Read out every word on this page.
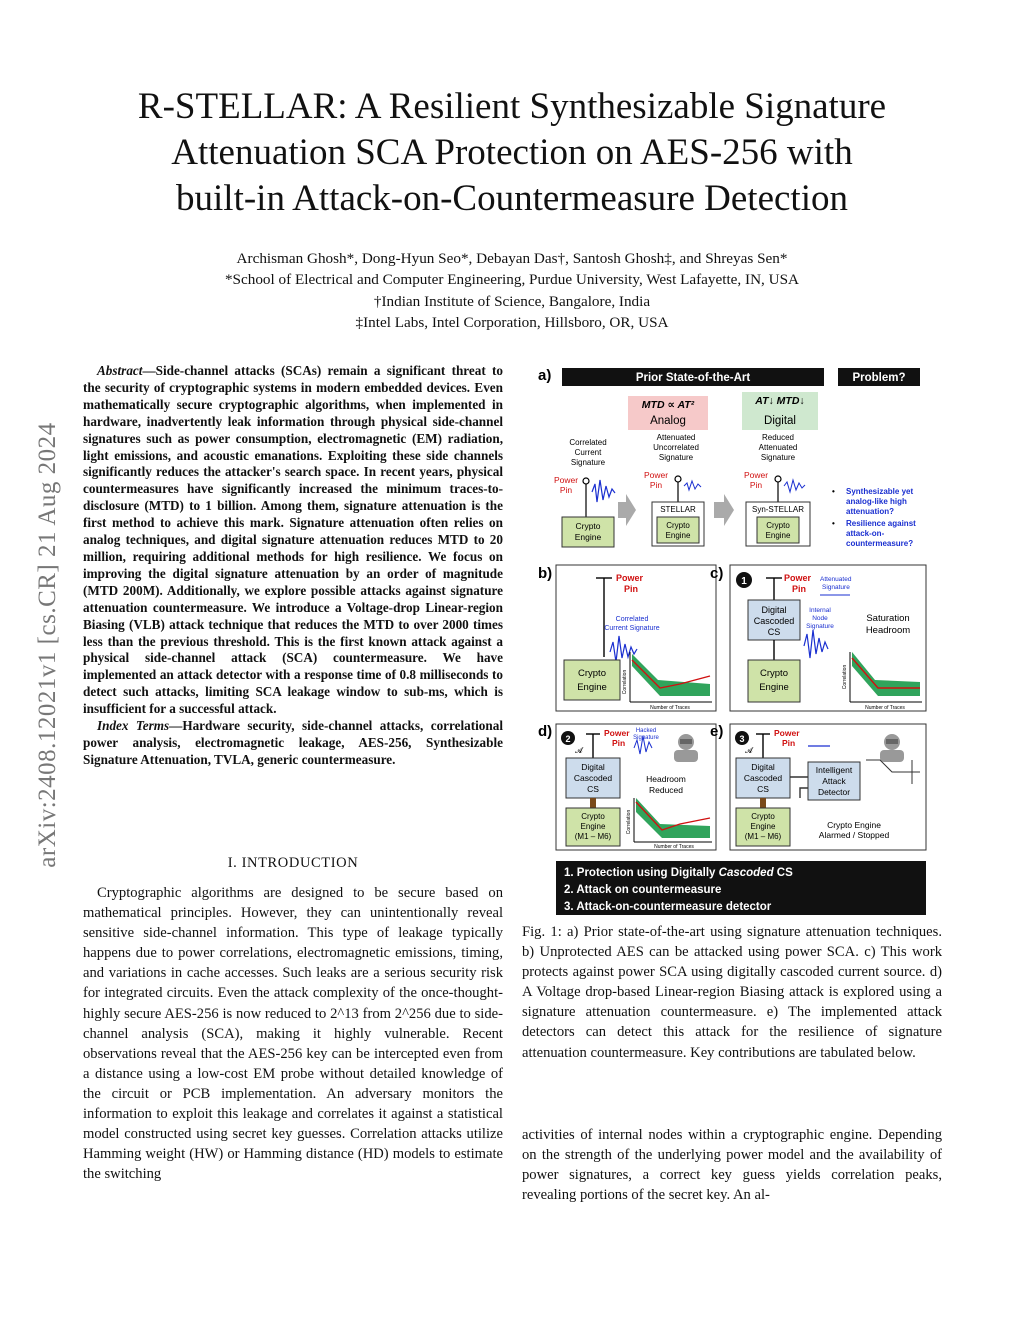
R-STELLAR: A Resilient Synthesizable Signature
Attenuation SCA Protection on AES-256 with
built-in Attack-on-Countermeasure Detection
Archisman Ghosh*, Dong-Hyun Seo*, Debayan Das†, Santosh Ghosh‡, and Shreyas Sen*
*School of Electrical and Computer Engineering, Purdue University, West Lafayette, IN, USA
†Indian Institute of Science, Bangalore, India
‡Intel Labs, Intel Corporation, Hillsboro, OR, USA
arXiv:2408.12021v1 [cs.CR] 21 Aug 2024

Abstract—Side-channel attacks (SCAs) remain a significant threat to the security of cryptographic systems in modern embedded devices. Even mathematically secure cryptographic algorithms, when implemented in hardware, inadvertently leak information through physical side-channel signatures such as power consumption, electromagnetic (EM) radiation, light emissions, and acoustic emanations. Exploiting these side channels significantly reduces the attacker's search space. In recent years, physical countermeasures have significantly increased the minimum traces-to-disclosure (MTD) to 1 billion. Among them, signature attenuation is the first method to achieve this mark. Signature attenuation often relies on analog techniques, and digital signature attenuation reduces MTD to 20 million, requiring additional methods for high resilience. We focus on improving the digital signature attenuation by an order of magnitude (MTD 200M). Additionally, we explore possible attacks against signature attenuation countermeasure. We introduce a Voltage-drop Linear-region Biasing (VLB) attack technique that reduces the MTD to over 2000 times less than the previous threshold. This is the first known attack against a physical side-channel attack (SCA) countermeasure. We have implemented an attack detector with a response time of 0.8 milliseconds to detect such attacks, limiting SCA leakage window to sub-ms, which is insufficient for a successful attack.

Index Terms—Hardware security, side-channel attacks, correlational power analysis, electromagnetic leakage, AES-256, Synthesizable Signature Attenuation, TVLA, generic countermeasure.

I. INTRODUCTION

Cryptographic algorithms are designed to be secure based on mathematical principles. However, they can unintentionally reveal sensitive side-channel information. This type of leakage typically happens due to power correlations, electromagnetic emissions, timing, and variations in cache accesses. Such leaks are a serious security risk for integrated circuits. Even the attack complexity of the once-thought-highly secure AES-256 is now reduced to 2^13 from 2^256 due to side-channel analysis (SCA), making it highly vulnerable. Recent observations reveal that the AES-256 key can be intercepted even from a distance using a low-cost EM probe without detailed knowledge of the circuit or PCB implementation. An adversary monitors the information to exploit this leakage and correlates it against a statistical model constructed using secret key guesses. Correlation attacks utilize Hamming weight (HW) or Hamming distance (HD) models to estimate the switching

a)	Prior State-of-the-Art	Problem?
MTD ∝ AT²
Analog
AT↓ MTD↓
Digital
Correlated
Current
Signature
Attenuated
Uncorrelated
Signature
Reduced
Attenuated
Signature
Power
Pin
Crypto
Engine
Power
Pin
STELLAR
Crypto
Engine
Power
Pin
Syn-STELLAR
Crypto
Engine
• Synthesizable yet
analog-like high
attenuation?
• Resilience against
attack-on-
countermeasure?
b)	Power
Pin
Correlated
Current Signature
Crypto
Engine	Correlation
Number of Traces
c) 1	Power
Pin
Attenuated
Signature
Digital
Cascoded
CS
Internal
Node
Signature
Crypto
Engine
Saturation
Headroom
Correlation
Number of Traces
d) 2
Power
Pin
Hacked
Signature
𝓐
Digital
Cascoded
CS
Crypto
Engine
(M1 – M6)
Headroom
Reduced
Correlation
Number of Traces
e) 3
Power
Pin
𝓐
Digital
Cascoded
CS
Crypto
Engine
(M1 – M6)
Intelligent
Attack
Detector
Crypto Engine
Alarmed / Stopped
1. Protection using Digitally Cascoded CS
2. Attack on countermeasure
3. Attack-on-countermeasure detector
Fig. 1: a) Prior state-of-the-art using signature attenuation techniques. b) Unprotected AES can be attacked using power SCA. c) This work protects against power SCA using digitally cascoded current source. d) A Voltage drop-based Linear-region Biasing attack is explored using a signature attenuation countermeasure. e) The implemented attack detectors can detect this attack for the resilience of signature attenuation countermeasure. Key contributions are tabulated below.
activities of internal nodes within a cryptographic engine. Depending on the strength of the underlying power model and the availability of power signatures, a correct key guess yields correlation peaks, revealing portions of the secret key. An al-
